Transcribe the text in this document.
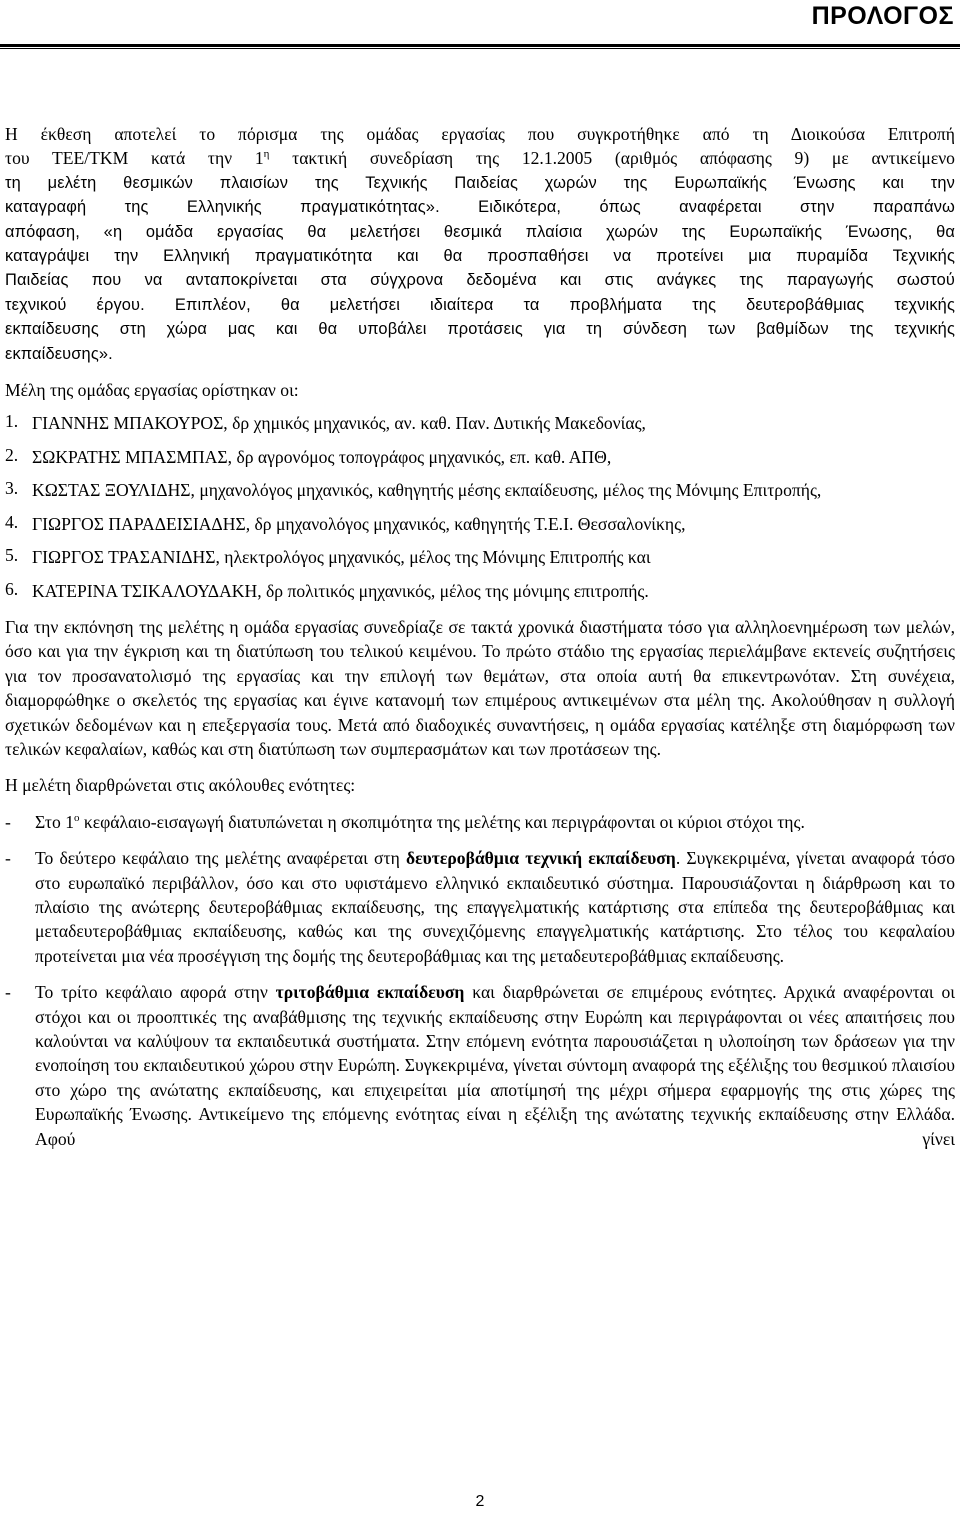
ΠΡΟΛΟΓΟΣ

Η έκθεση αποτελεί το πόρισμα της ομάδας εργασίας που συγκροτήθηκε από τη Διοικούσα Επιτροπή

του ΤΕΕ/ΤΚΜ κατά την $1^\eta$ τακτική συνεδρίαση της 12.1.2005 (αριθμός απόφασης 9) με αντικείμενο

τη μελέτη θεσμικών πλαισίων της Τεχνικής Παιδείας χωρών της Ευρωπαϊκής Ένωσης και την

καταγραφή της Ελληνικής πραγματικότητας». Ειδικότερα, όπως αναφέρεται στην παραπάνω

απόφαση, «η ομάδα εργασίας θα μελετήσει θεσμικά πλαίσια χωρών της Ευρωπαϊκής Ένωσης, θα

καταγράψει την Ελληνική πραγματικότητα και θα προσπαθήσει να προτείνει μια πυραμίδα Τεχνικής

Παιδείας που να ανταποκρίνεται στα σύγχρονα δεδομένα και στις ανάγκες της παραγωγής σωστού

τεχνικού έργου. Επιπλέον, θα μελετήσει ιδιαίτερα τα προβλήματα της δευτεροβάθμιας τεχνικής

εκπαίδευσης στη χώρα μας και θα υποβάλει προτάσεις για τη σύνδεση των βαθμίδων της τεχνικής

εκπαίδευσης».

Μέλη της ομάδας εργασίας ορίστηκαν οι:

1. ΓΙΑΝΝΗΣ ΜΠΑΚΟΥΡΟΣ, δρ χημικός μηχανικός, αν. καθ. Παν. Δυτικής Μακεδονίας,
2. ΣΩΚΡΑΤΗΣ ΜΠΑΣΜΠΑΣ, δρ αγρονόμος τοπογράφος μηχανικός, επ. καθ. ΑΠΘ,
3. ΚΩΣΤΑΣ ΞΟΥΛΙΔΗΣ, μηχανολόγος μηχανικός, καθηγητής μέσης εκπαίδευσης, μέλος της Μόνιμης Επιτροπής,
4. ΓΙΩΡΓΟΣ ΠΑΡΑΔΕΙΣΙΑΔΗΣ, δρ μηχανολόγος μηχανικός, καθηγητής Τ.Ε.Ι. Θεσσαλονίκης,
5. ΓΙΩΡΓΟΣ ΤΡΑΣΑΝΙΔΗΣ, ηλεκτρολόγος μηχανικός, μέλος της Μόνιμης Επιτροπής και
6. ΚΑΤΕΡΙΝΑ ΤΣΙΚΑΛΟΥΔΑΚΗ, δρ πολιτικός μηχανικός, μέλος της μόνιμης επιτροπής.

Για την εκπόνηση της μελέτης η ομάδα εργασίας συνεδρίαζε σε τακτά χρονικά διαστήματα τόσο για αλληλοενημέρωση των μελών, όσο και για την έγκριση και τη διατύπωση του τελικού κειμένου. Το πρώτο στάδιο της εργασίας περιελάμβανε εκτενείς συζητήσεις για τον προσανατολισμό της εργασίας και την επιλογή των θεμάτων, στα οποία αυτή θα επικεντρωνόταν. Στη συνέχεια, διαμορφώθηκε ο σκελετός της εργασίας και έγινε κατανομή των επιμέρους αντικειμένων στα μέλη της. Ακολούθησαν η συλλογή σχετικών δεδομένων και η επεξεργασία τους. Μετά από διαδοχικές συναντήσεις, η ομάδα εργασίας κατέληξε στη διαμόρφωση των τελικών κεφαλαίων, καθώς και στη διατύπωση των συμπερασμάτων και των προτάσεων της.

Η μελέτη διαρθρώνεται στις ακόλουθες ενότητες:

-	Στο $1^o$ κεφάλαιο-εισαγωγή διατυπώνεται η σκοπιμότητα της μελέτης και περιγράφονται οι κύριοι στόχοι της.

-	Το δεύτερο κεφάλαιο της μελέτης αναφέρεται στη δευτεροβάθμια τεχνική εκπαίδευση. Συγκεκριμένα, γίνεται αναφορά τόσο στο ευρωπαϊκό περιβάλλον, όσο και στο υφιστάμενο ελληνικό εκπαιδευτικό σύστημα. Παρουσιάζονται η διάρθρωση και το πλαίσιο της ανώτερης δευτεροβάθμιας εκπαίδευσης, της επαγγελματικής κατάρτισης στα επίπεδα της δευτεροβάθμιας και μεταδευτεροβάθμιας εκπαίδευσης, καθώς και της συνεχιζόμενης επαγγελματικής κατάρτισης. Στο τέλος του κεφαλαίου προτείνεται μια νέα προσέγγιση της δομής της δευτεροβάθμιας και της μεταδευτεροβάθμιας εκπαίδευσης.

-	Το τρίτο κεφάλαιο αφορά στην τριτοβάθμια εκπαίδευση και διαρθρώνεται σε επιμέρους ενότητες. Αρχικά αναφέρονται οι στόχοι και οι προοπτικές της αναβάθμισης της τεχνικής εκπαίδευσης στην Ευρώπη και περιγράφονται οι νέες απαιτήσεις που καλούνται να καλύψουν τα εκπαιδευτικά συστήματα. Στην επόμενη ενότητα παρουσιάζεται η υλοποίηση των δράσεων για την ενοποίηση του εκπαιδευτικού χώρου στην Ευρώπη. Συγκεκριμένα, γίνεται σύντομη αναφορά της εξέλιξης του θεσμικού πλαισίου στο χώρο της ανώτατης εκπαίδευσης, και επιχειρείται μία αποτίμησή της μέχρι σήμερα εφαρμογής της στις χώρες της Ευρωπαϊκής Ένωσης. Αντικείμενο της επόμενης ενότητας είναι η εξέλιξη της ανώτατης τεχνικής εκπαίδευσης στην Ελλάδα. Αφού γίνει

2
